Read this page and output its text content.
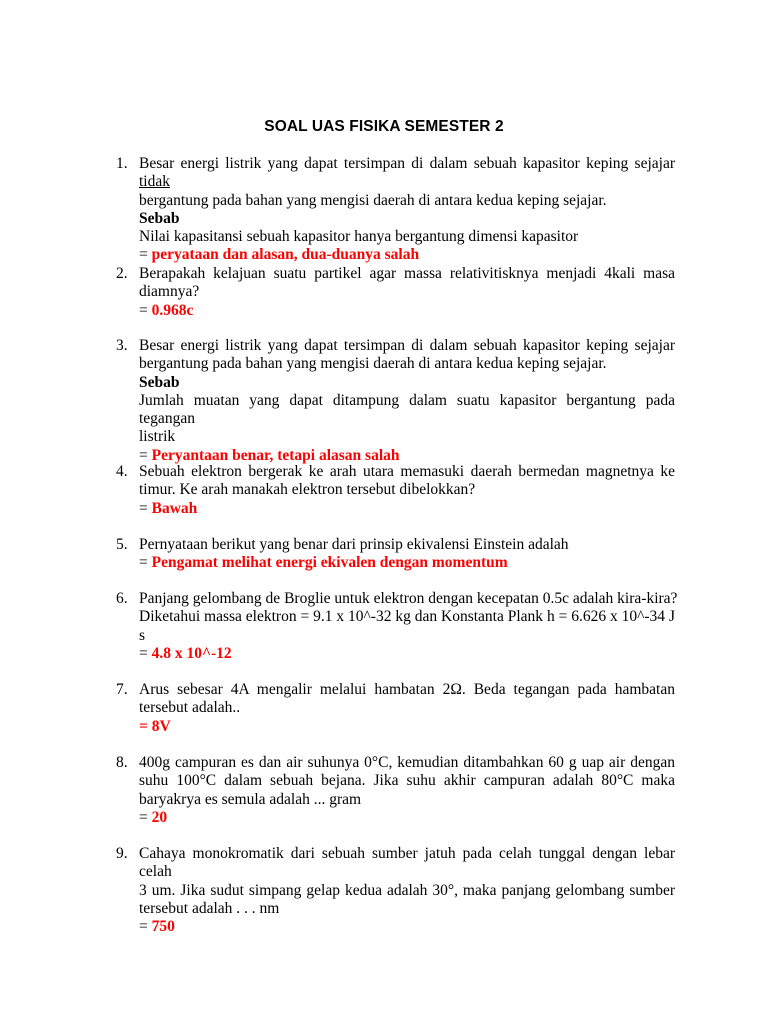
SOAL UAS FISIKA SEMESTER 2
1. Besar energi listrik yang dapat tersimpan di dalam sebuah kapasitor keping sejajar tidak
bergantung pada bahan yang mengisi daerah di antara kedua keping sejajar.
Sebab
Nilai kapasitansi sebuah kapasitor hanya bergantung dimensi kapasitor
= peryataan dan alasan, dua-duanya salah
2. Berapakah kelajuan suatu partikel agar massa relativitisknya menjadi 4kali masa
diamnya?
= 0.968c
3. Besar energi listrik yang dapat tersimpan di dalam sebuah kapasitor keping sejajar
bergantung pada bahan yang mengisi daerah di antara kedua keping sejajar.
Sebab
Jumlah muatan yang dapat ditampung dalam suatu kapasitor bergantung pada tegangan
listrik
= Peryantaan benar, tetapi alasan salah
4. Sebuah elektron bergerak ke arah utara memasuki daerah bermedan magnetnya ke
timur. Ke arah manakah elektron tersebut dibelokkan?
= Bawah
5. Pernyataan berikut yang benar dari prinsip ekivalensi Einstein adalah
= Pengamat melihat energi ekivalen dengan momentum
6. Panjang gelombang de Broglie untuk elektron dengan kecepatan 0.5c adalah kira-kira?
Diketahui massa elektron = 9.1 x 10^-32 kg dan Konstanta Plank h = 6.626 x 10^-34 J
s
= 4.8 x 10^-12
7. Arus sebesar 4A mengalir melalui hambatan 2Ω. Beda tegangan pada hambatan
tersebut adalah..
= 8V
8. 400g campuran es dan air suhunya 0°C, kemudian ditambahkan 60 g uap air dengan
suhu 100°C dalam sebuah bejana. Jika suhu akhir campuran adalah 80°C maka
baryakrya es semula adalah ... gram
= 20
9. Cahaya monokromatik dari sebuah sumber jatuh pada celah tunggal dengan lebar celah
3 um. Jika sudut simpang gelap kedua adalah 30°, maka panjang gelombang sumber
tersebut adalah . . . nm
= 750
